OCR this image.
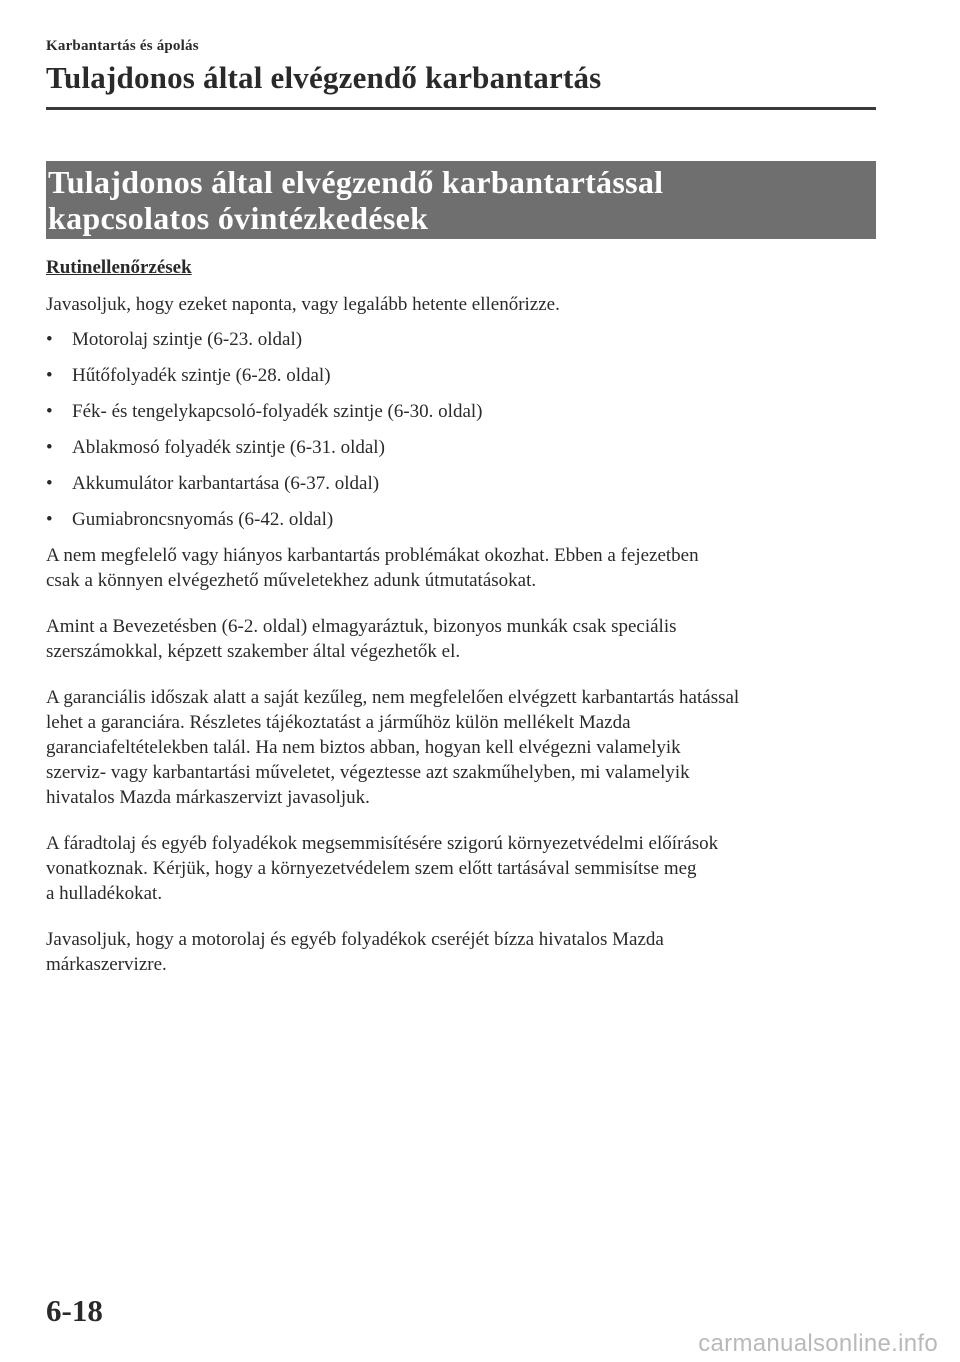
Karbantartás és ápolás
Tulajdonos által elvégzendő karbantartás
Tulajdonos által elvégzendő karbantartással
kapcsolatos óvintézkedések

Rutinellenőrzések

Javasoljuk, hogy ezeket naponta, vagy legalább hetente ellenőrizze.

•	Motorolaj szintje (6-23. oldal)
•	Hűtőfolyadék szintje (6-28. oldal)
•	Fék- és tengelykapcsoló-folyadék szintje (6-30. oldal)
•	Ablakmosó folyadék szintje (6-31. oldal)
•	Akkumulátor karbantartása (6-37. oldal)
•	Gumiabroncsnyomás (6-42. oldal)

A nem megfelelő vagy hiányos karbantartás problémákat okozhat. Ebben a fejezetben
csak a könnyen elvégezhető műveletekhez adunk útmutatásokat.

Amint a Bevezetésben (6-2. oldal) elmagyaráztuk, bizonyos munkák csak speciális
szerszámokkal, képzett szakember által végezhetők el.

A garanciális időszak alatt a saját kezűleg, nem megfelelően elvégzett karbantartás hatással
lehet a garanciára. Részletes tájékoztatást a járműhöz külön mellékelt Mazda
garanciafeltételekben talál. Ha nem biztos abban, hogyan kell elvégezni valamelyik
szerviz- vagy karbantartási műveletet, végeztesse azt szakműhelyben, mi valamelyik
hivatalos Mazda márkaszervizt javasoljuk.

A fáradtolaj és egyéb folyadékok megsemmisítésére szigorú környezetvédelmi előírások
vonatkoznak. Kérjük, hogy a környezetvédelem szem előtt tartásával semmisítse meg
a hulladékokat.

Javasoljuk, hogy a motorolaj és egyéb folyadékok cseréjét bízza hivatalos Mazda
márkaszervizre.

6-18
carmanualsonline.info
